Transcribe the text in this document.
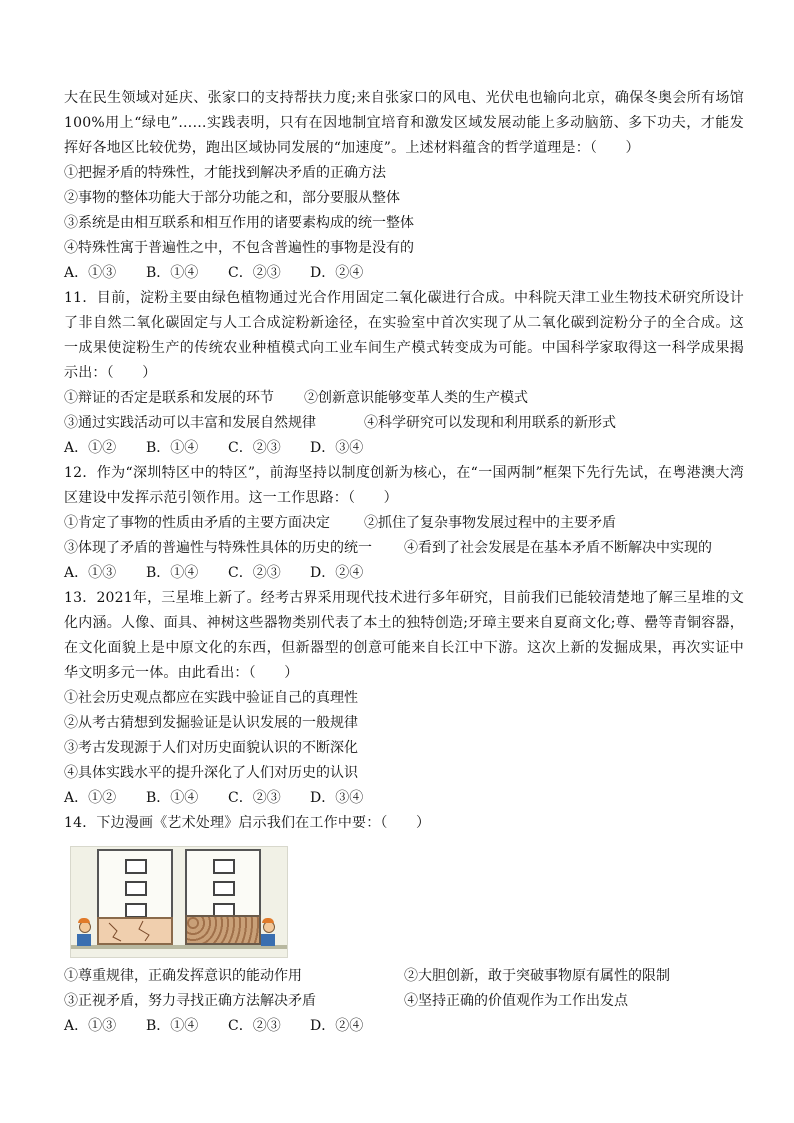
大在民生领域对延庆、张家口的支持帮扶力度;来自张家口的风电、光伏电也输向北京，确保冬奥会所有场馆100%用上“绿电”……实践表明，只有在因地制宜培育和激发区域发展动能上多动脑筋、多下功夫，才能发挥好各地区比较优势，跑出区域协同发展的“加速度”。上述材料蕴含的哲学道理是：（　　）

①把握矛盾的特殊性，才能找到解决矛盾的正确方法

②事物的整体功能大于部分功能之和，部分要服从整体

③系统是由相互联系和相互作用的诸要素构成的统一整体

④特殊性寓于普遍性之中，不包含普遍性的事物是没有的

A．①③ B．①④ C．②③ D．②④

11．目前，淀粉主要由绿色植物通过光合作用固定二氧化碳进行合成。中科院天津工业生物技术研究所设计了非自然二氧化碳固定与人工合成淀粉新途径，在实验室中首次实现了从二氧化碳到淀粉分子的全合成。这一成果使淀粉生产的传统农业种植模式向工业车间生产模式转变成为可能。中国科学家取得这一科学成果揭示出：（　　）

①辩证的否定是联系和发展的环节	②创新意识能够变革人类的生产模式
③通过实践活动可以丰富和发展自然规律	④科学研究可以发现和利用联系的新形式

A．①② B．①④ C．②③ D．③④

12．作为“深圳特区中的特区”，前海坚持以制度创新为核心，在“一国两制”框架下先行先试，在粤港澳大湾区建设中发挥示范引领作用。这一工作思路：（　　）

①肯定了事物的性质由矛盾的主要方面决定	②抓住了复杂事物发展过程中的主要矛盾
③体现了矛盾的普遍性与特殊性具体的历史的统一	④看到了社会发展是在基本矛盾不断解决中实现的

A．①③ B．①④ C．②③ D．②④

13．2021年，三星堆上新了。经考古界采用现代技术进行多年研究，目前我们已能较清楚地了解三星堆的文化内涵。人像、面具、神树这些器物类别代表了本土的独特创造;牙璋主要来自夏商文化;尊、罍等青铜容器，在文化面貌上是中原文化的东西，但新器型的创意可能来自长江中下游。这次上新的发掘成果，再次实证中华文明多元一体。由此看出：（　　）

①社会历史观点都应在实践中验证自己的真理性

②从考古猜想到发掘验证是认识发展的一般规律

③考古发现源于人们对历史面貌认识的不断深化

④具体实践水平的提升深化了人们对历史的认识

A．①② B．①④ C．②③ D．③④

14．下边漫画《艺术处理》启示我们在工作中要：（　　）

①尊重规律，正确发挥意识的能动作用	②大胆创新，敢于突破事物原有属性的限制
③正视矛盾，努力寻找正确方法解决矛盾	④坚持正确的价值观作为工作出发点

A．①③ B．①④ C．②③ D．②④
